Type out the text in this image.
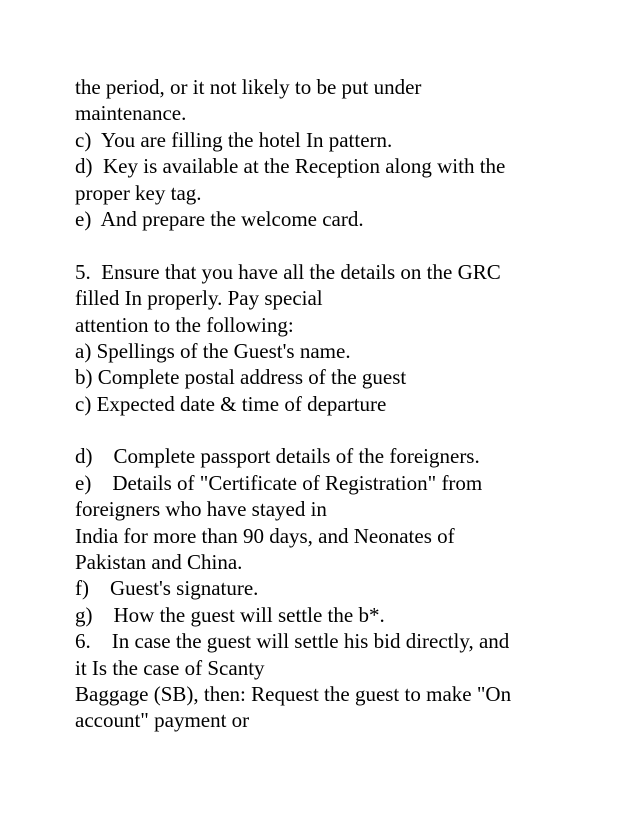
the period, or it not likely to be put under
maintenance.
c)  You are filling the hotel In pattern.
d)  Key is available at the Reception along with the
proper key tag.
e)  And prepare the welcome card.
5.  Ensure that you have all the details on the GRC
filled In properly. Pay special
attention to the following:
a) Spellings of the Guest's name.
b) Complete postal address of the guest
c) Expected date & time of departure
d)    Complete passport details of the foreigners.
e)    Details of "Certificate of Registration" from
foreigners who have stayed in
India for more than 90 days, and Neonates of
Pakistan and China.
f)    Guest's signature.
g)    How the guest will settle the b*.
6.    In case the guest will settle his bid directly, and
it Is the case of Scanty
Baggage (SB), then: Request the guest to make "On
account" payment or
